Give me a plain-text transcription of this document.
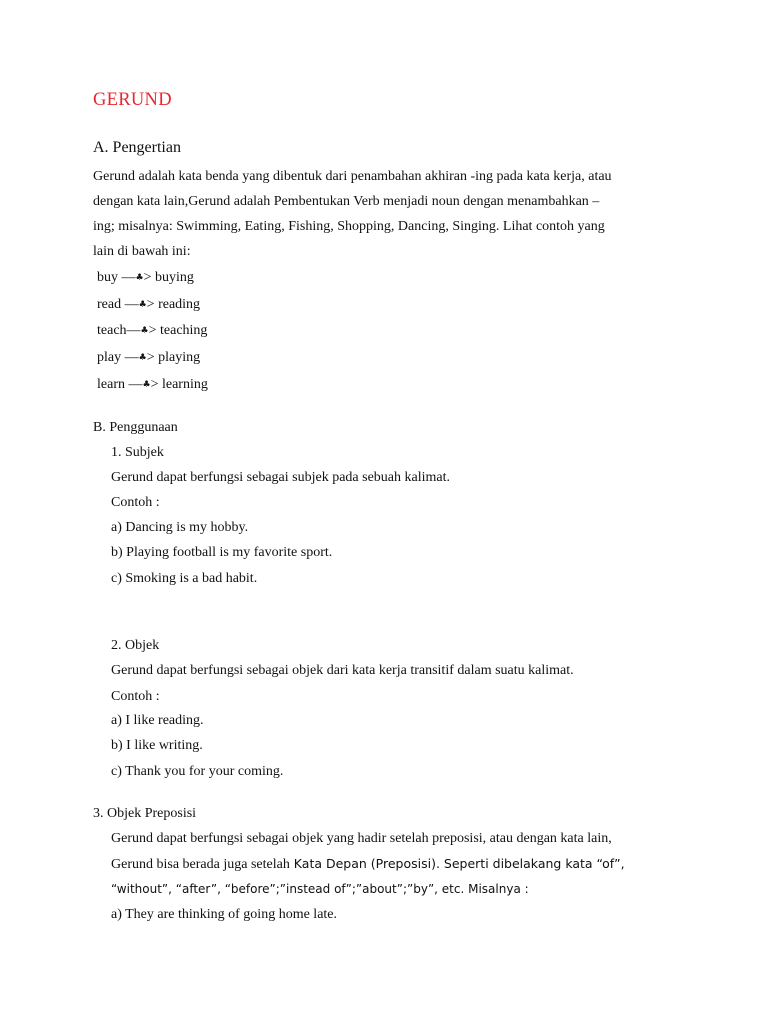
GERUND
A. Pengertian
Gerund adalah kata benda yang dibentuk dari penambahan akhiran -ing pada kata kerja, atau
dengan kata lain,Gerund adalah Pembentukan Verb menjadi noun dengan menambahkan –
ing; misalnya: Swimming, Eating, Fishing, Shopping, Dancing, Singing. Lihat contoh yang
lain di bawah ini:
buy —♣> buying
read —♣> reading
teach—♣> teaching
play —♣> playing
learn —♣> learning
B. Penggunaan
1. Subjek
Gerund dapat berfungsi sebagai subjek pada sebuah kalimat.
Contoh :
a) Dancing is my hobby.
b) Playing football is my favorite sport.
c) Smoking is a bad habit.
2. Objek
Gerund dapat berfungsi sebagai objek dari kata kerja transitif dalam suatu kalimat.
Contoh :
a) I like reading.
b) I like writing.
c) Thank you for your coming.
3. Objek Preposisi
Gerund dapat berfungsi sebagai objek yang hadir setelah preposisi, atau dengan kata lain,
Gerund bisa berada juga setelah Kata Depan (Preposisi). Seperti dibelakang kata “of”,
“without”, “after”, “before”;”instead of”;”about”;”by”, etc. Misalnya :
a) They are thinking of going home late.
